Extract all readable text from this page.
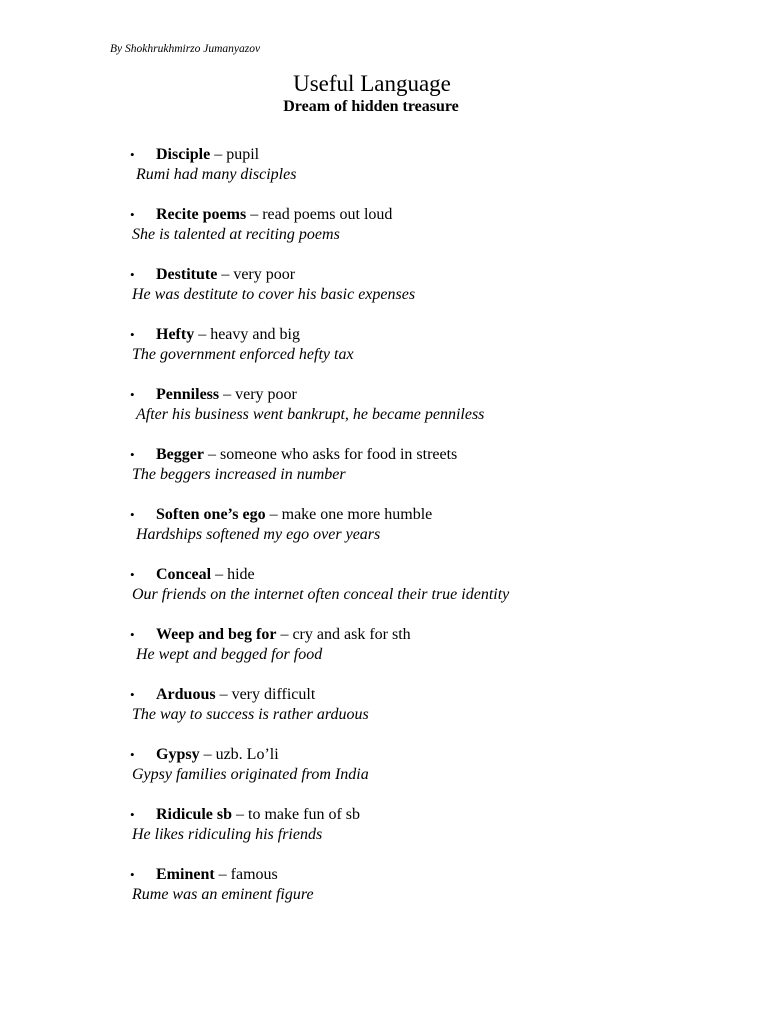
By Shokhrukhmirzo Jumanyazov
Useful Language
Dream of hidden treasure
• Disciple – pupil
Rumi had many disciples
• Recite poems – read poems out loud
She is talented at reciting poems
• Destitute – very poor
He was destitute to cover his basic expenses
• Hefty – heavy and big
The government enforced hefty tax
• Penniless – very poor
After his business went bankrupt, he became penniless
• Begger – someone who asks for food in streets
The beggers increased in number
• Soften one’s ego – make one more humble
Hardships softened my ego over years
• Conceal – hide
Our friends on the internet often conceal their true identity
• Weep and beg for – cry and ask for sth
He wept and begged for food
• Arduous – very difficult
The way to success is rather arduous
• Gypsy – uzb. Lo’li
Gypsy families originated from India
• Ridicule sb – to make fun of sb
He likes ridiculing his friends
• Eminent – famous
Rume was an eminent figure
